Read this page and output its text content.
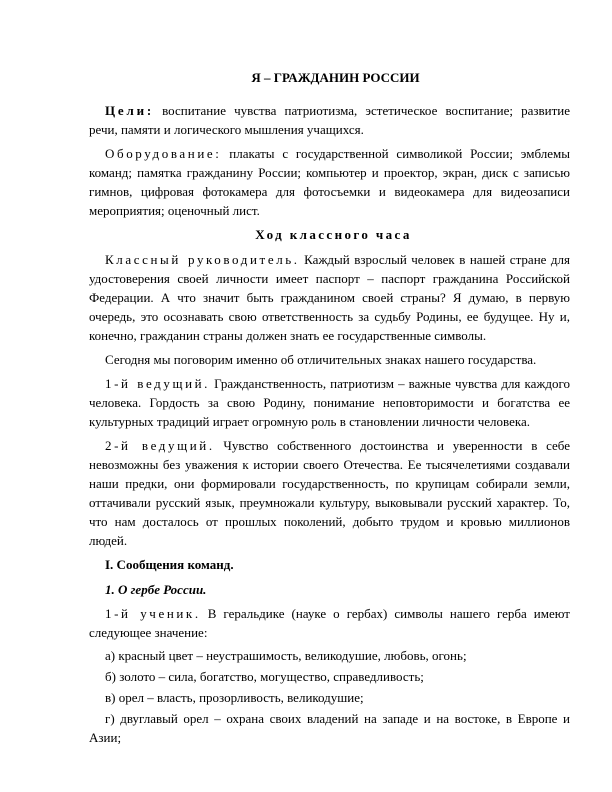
Я – ГРАЖДАНИН РОССИИ

Цели: воспитание чувства патриотизма, эстетическое воспитание; развитие речи, памяти и логического мышления учащихся.

Оборудование: плакаты с государственной символикой России; эмблемы команд; памятка гражданину России; компьютер и проектор, экран, диск с записью гимнов, цифровая фотокамера для фотосъемки и видеокамера для видеозаписи мероприятия; оценочный лист.

Ход классного часа

Классный руководитель. Каждый взрослый человек в нашей стране для удостоверения своей личности имеет паспорт – паспорт гражданина Российской Федерации. А что значит быть гражданином своей страны? Я думаю, в первую очередь, это осознавать свою ответственность за судьбу Родины, ее будущее. Ну и, конечно, гражданин страны должен знать ее государственные символы.

Сегодня мы поговорим именно об отличительных знаках нашего государства.

1-й ведущий. Гражданственность, патриотизм – важные чувства для каждого человека. Гордость за свою Родину, понимание неповторимости и богатства ее культурных традиций играет огромную роль в становлении личности человека.

2-й ведущий. Чувство собственного достоинства и уверенности в себе невозможны без уважения к истории своего Отечества. Ее тысячелетиями создавали наши предки, они формировали государственность, по крупицам собирали земли, оттачивали русский язык, преумножали культуру, выковывали русский характер. То, что нам досталось от прошлых поколений, добыто трудом и кровью миллионов людей.

I. Сообщения команд.
1. О гербе России.

1-й ученик. В геральдике (науке о гербах) символы нашего герба имеют следующее значение:

а) красный цвет – неустрашимость, великодушие, любовь, огонь;
б) золото – сила, богатство, могущество, справедливость;
в) орел – власть, прозорливость, великодушие;
г) двуглавый орел – охрана своих владений на западе и на востоке, в Европе и Азии;
